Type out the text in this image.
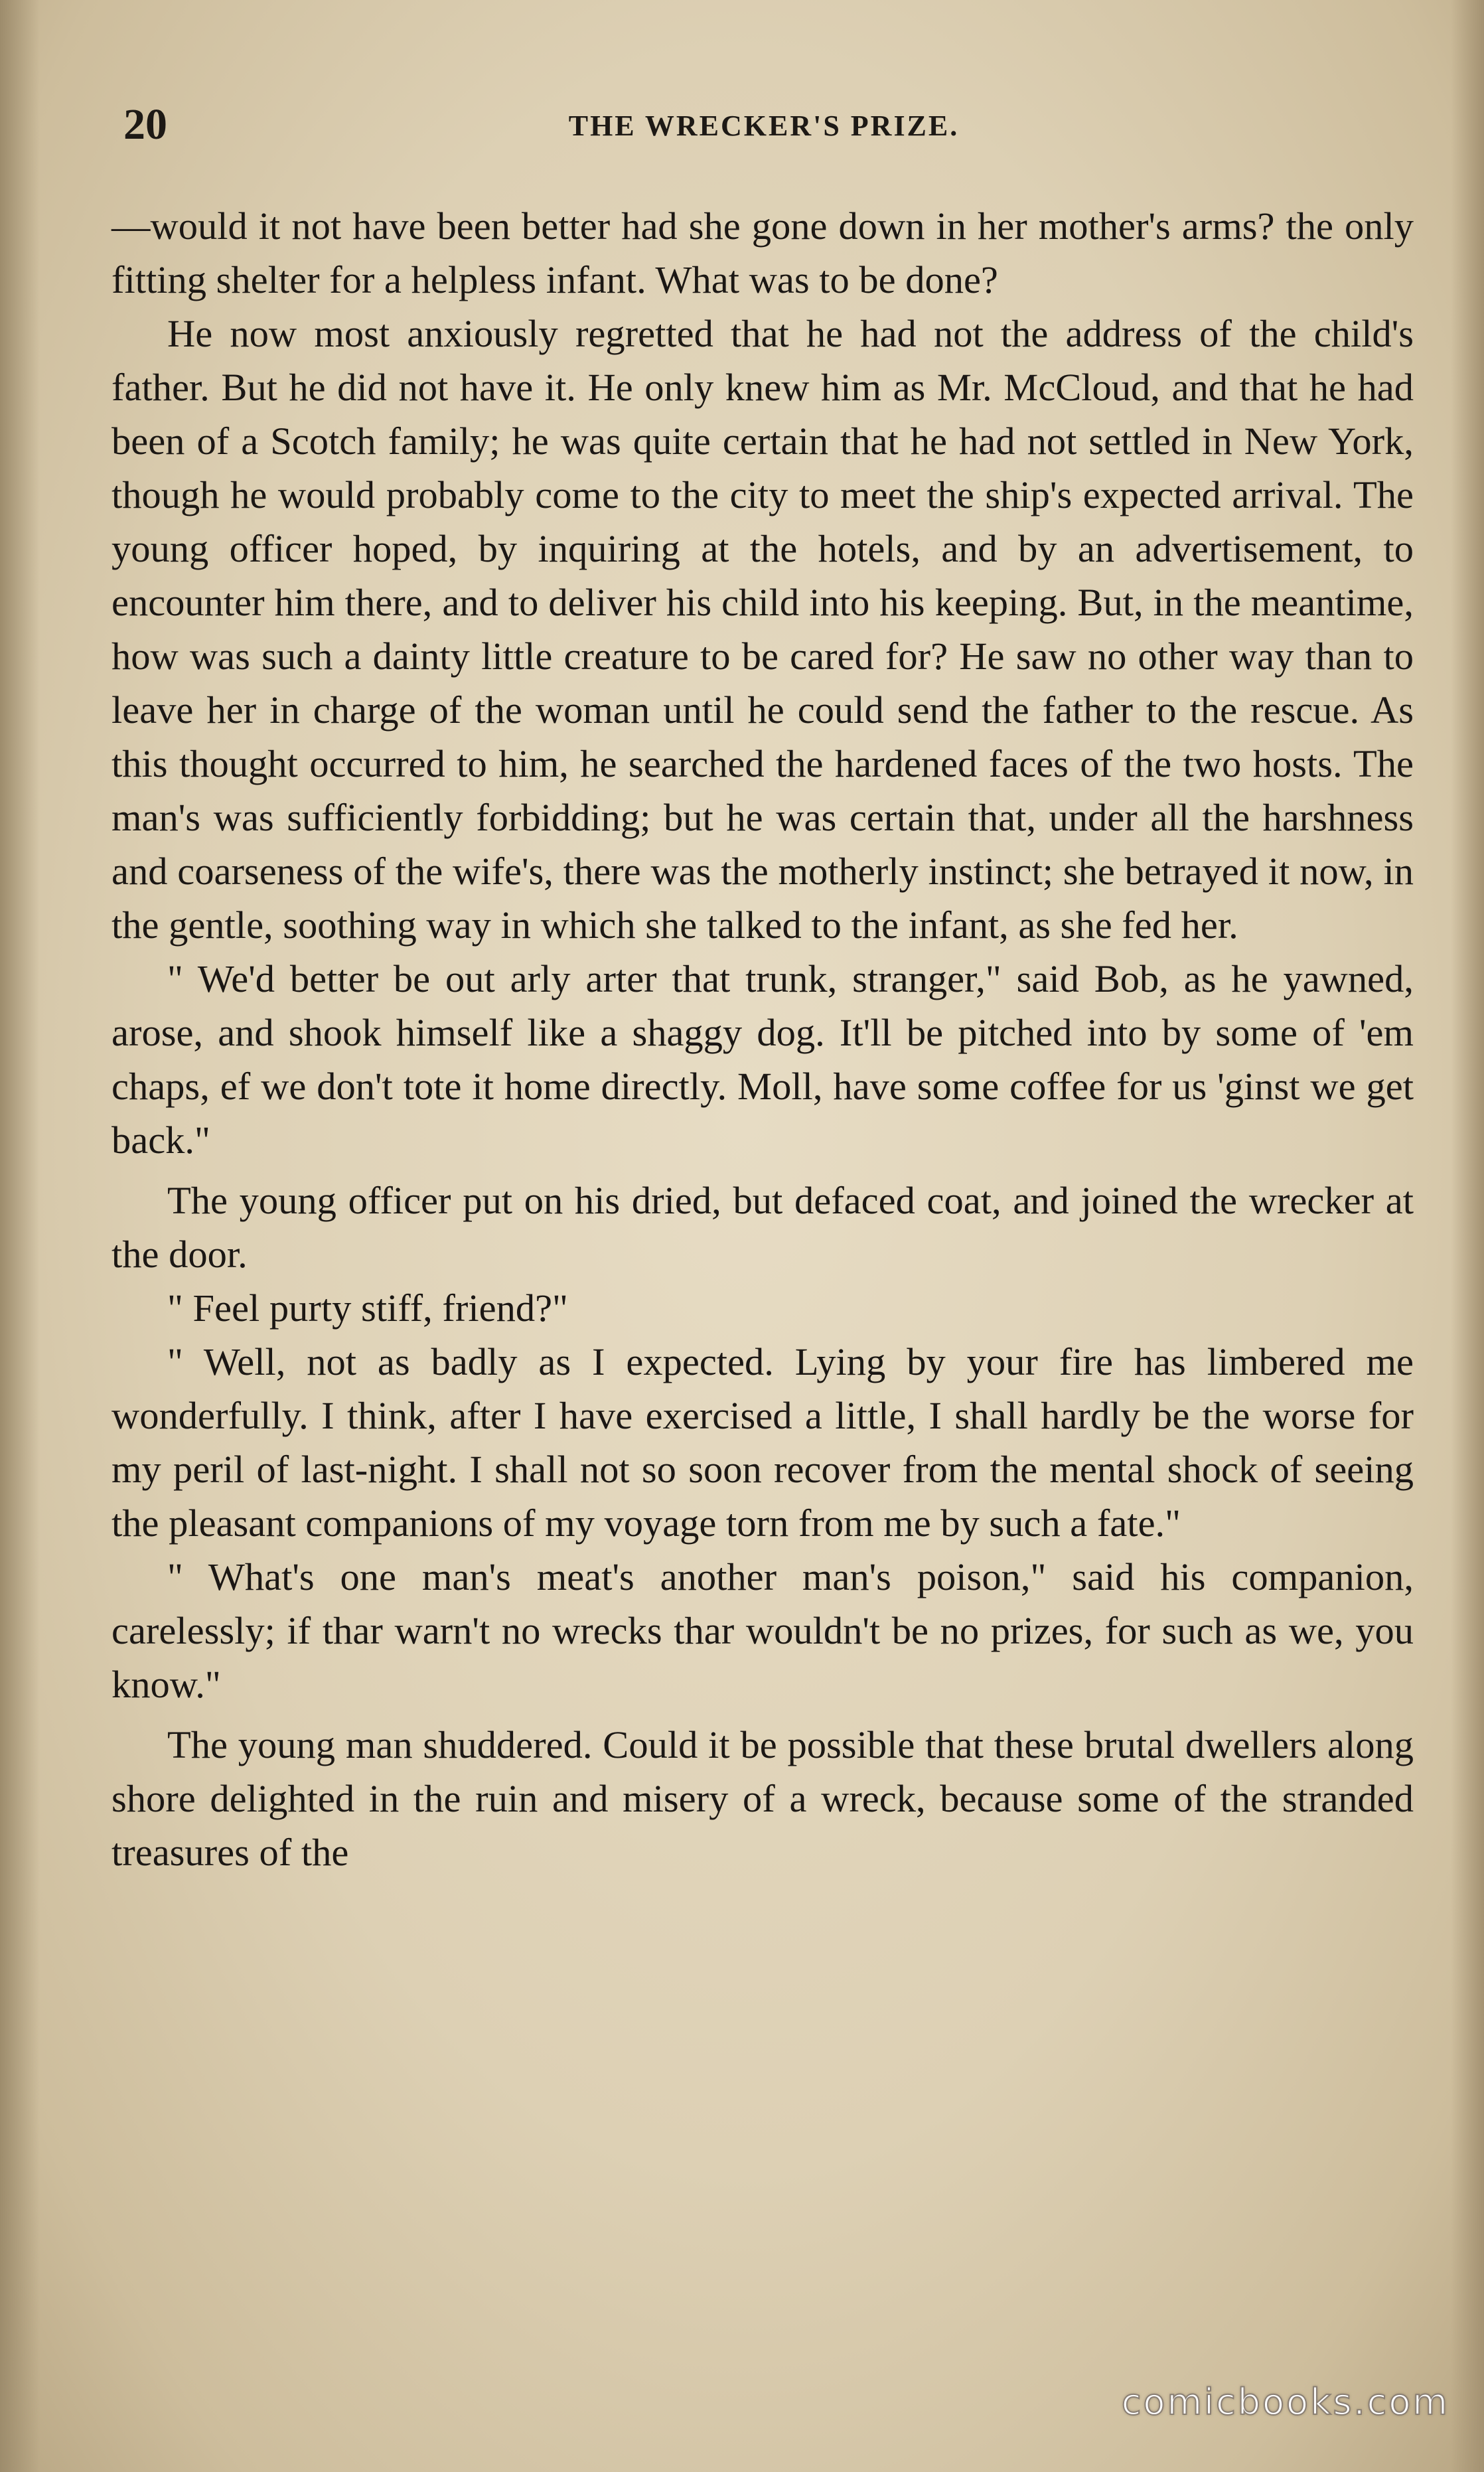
20	THE WRECKER'S PRIZE.

—would it not have been better had she gone down in her mother's arms? the only fitting shelter for a helpless infant. What was to be done?

He now most anxiously regretted that he had not the address of the child's father. But he did not have it. He only knew him as Mr. McCloud, and that he had been of a Scotch family; he was quite certain that he had not settled in New York, though he would probably come to the city to meet the ship's expected arrival. The young officer hoped, by inquiring at the hotels, and by an advertisement, to encounter him there, and to deliver his child into his keeping. But, in the meantime, how was such a dainty little creature to be cared for? He saw no other way than to leave her in charge of the woman until he could send the father to the rescue. As this thought occurred to him, he searched the hardened faces of the two hosts. The man's was sufficiently forbidding; but he was certain that, under all the harshness and coarseness of the wife's, there was the motherly instinct; she betrayed it now, in the gentle, soothing way in which she talked to the infant, as she fed her.

" We'd better be out arly arter that trunk, stranger," said Bob, as he yawned, arose, and shook himself like a shaggy dog. It'll be pitched into by some of 'em chaps, ef we don't tote it home directly. Moll, have some coffee for us 'ginst we get back."

The young officer put on his dried, but defaced coat, and joined the wrecker at the door.

" Feel purty stiff, friend?"

" Well, not as badly as I expected. Lying by your fire has limbered me wonderfully. I think, after I have exercised a little, I shall hardly be the worse for my peril of last-night. I shall not so soon recover from the mental shock of seeing the pleasant companions of my voyage torn from me by such a fate."

" What's one man's meat's another man's poison," said his companion, carelessly; if thar warn't no wrecks thar wouldn't be no prizes, for such as we, you know."

The young man shuddered. Could it be possible that these brutal dwellers along shore delighted in the ruin and misery of a wreck, because some of the stranded treasures of the

comicbooks.com
